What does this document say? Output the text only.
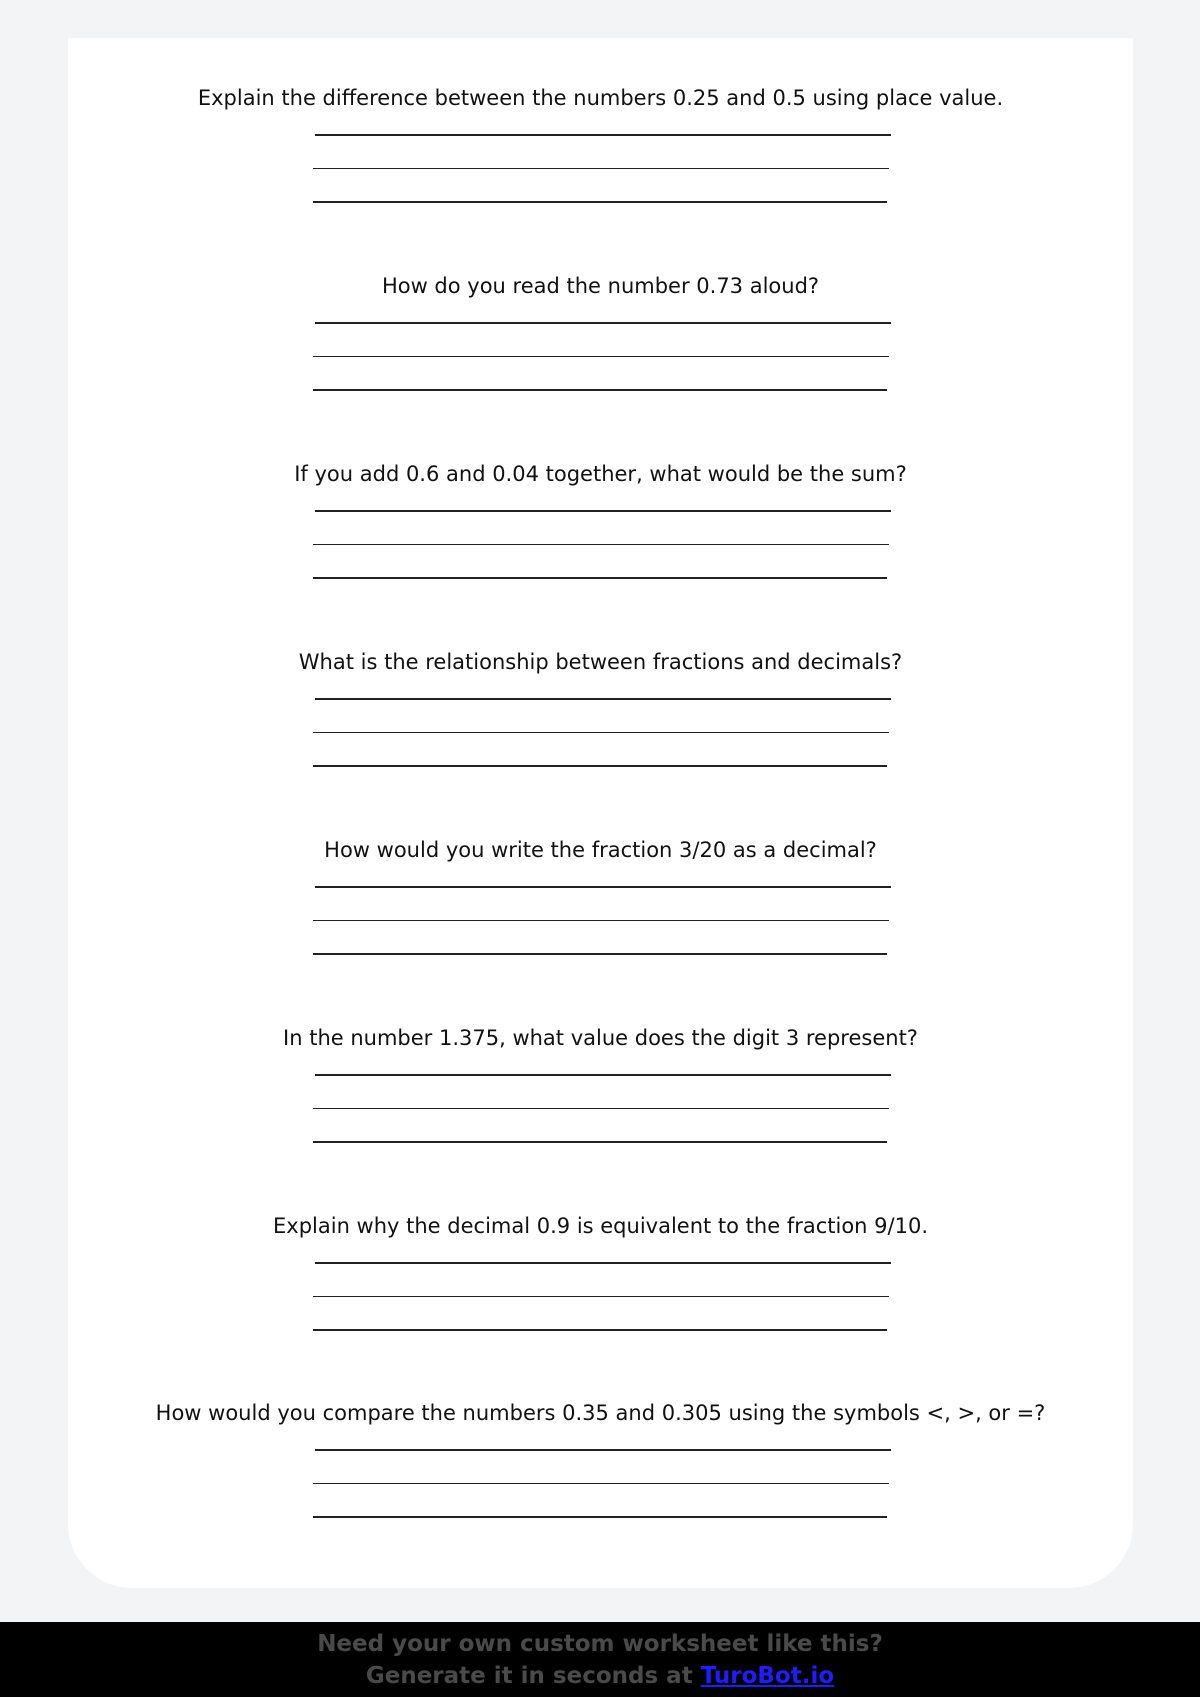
Explain the difference between the numbers 0.25 and 0.5 using place value.
How do you read the number 0.73 aloud?
If you add 0.6 and 0.04 together, what would be the sum?
What is the relationship between fractions and decimals?
How would you write the fraction 3/20 as a decimal?
In the number 1.375, what value does the digit 3 represent?
Explain why the decimal 0.9 is equivalent to the fraction 9/10.
How would you compare the numbers 0.35 and 0.305 using the symbols <, >, or =?
Need your own custom worksheet like this?
Generate it in seconds at TuroBot.io
